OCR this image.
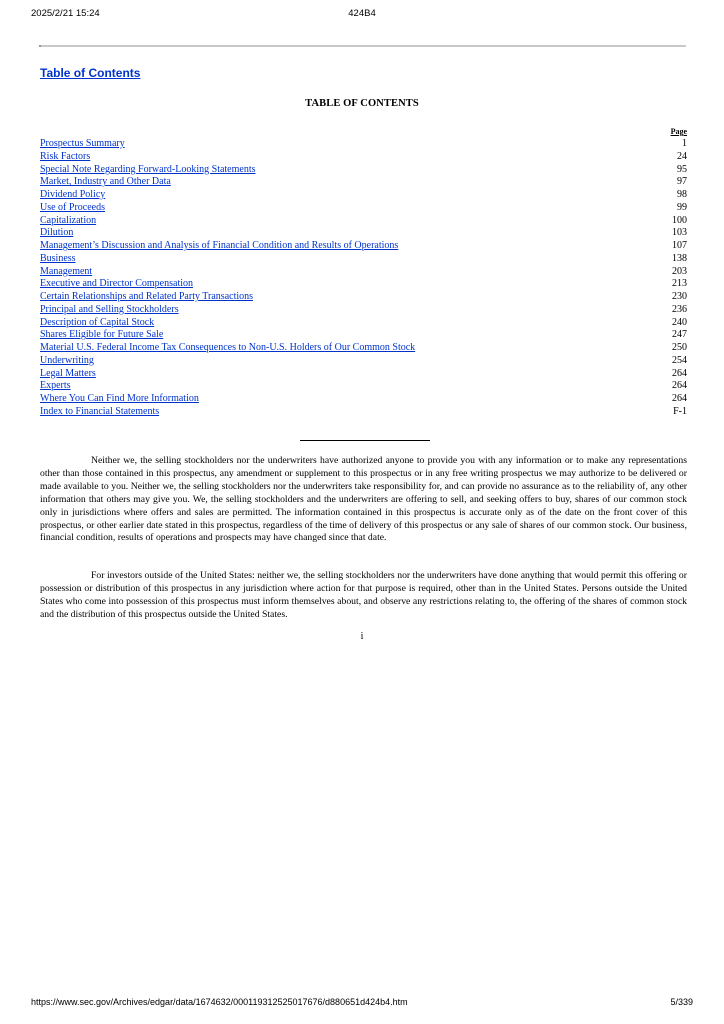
2025/2/21 15:24	424B4
Table of Contents
TABLE OF CONTENTS
Page
Prospectus Summary	1
Risk Factors	24
Special Note Regarding Forward-Looking Statements	95
Market, Industry and Other Data	97
Dividend Policy	98
Use of Proceeds	99
Capitalization	100
Dilution	103
Management’s Discussion and Analysis of Financial Condition and Results of Operations	107
Business	138
Management	203
Executive and Director Compensation	213
Certain Relationships and Related Party Transactions	230
Principal and Selling Stockholders	236
Description of Capital Stock	240
Shares Eligible for Future Sale	247
Material U.S. Federal Income Tax Consequences to Non-U.S. Holders of Our Common Stock	250
Underwriting	254
Legal Matters	264
Experts	264
Where You Can Find More Information	264
Index to Financial Statements	F-1

Neither we, the selling stockholders nor the underwriters have authorized anyone to provide you with any information or to make any representations other than those contained in this prospectus, any amendment or supplement to this prospectus or in any free writing prospectus we may authorize to be delivered or made available to you. Neither we, the selling stockholders nor the underwriters take responsibility for, and can provide no assurance as to the reliability of, any other information that others may give you. We, the selling stockholders and the underwriters are offering to sell, and seeking offers to buy, shares of our common stock only in jurisdictions where offers and sales are permitted. The information contained in this prospectus is accurate only as of the date on the front cover of this prospectus, or other earlier date stated in this prospectus, regardless of the time of delivery of this prospectus or any sale of shares of our common stock. Our business, financial condition, results of operations and prospects may have changed since that date.

For investors outside of the United States: neither we, the selling stockholders nor the underwriters have done anything that would permit this offering or possession or distribution of this prospectus in any jurisdiction where action for that purpose is required, other than in the United States. Persons outside the United States who come into possession of this prospectus must inform themselves about, and observe any restrictions relating to, the offering of the shares of common stock and the distribution of this prospectus outside the United States.

i
https://www.sec.gov/Archives/edgar/data/1674632/000119312525017676/d880651d424b4.htm	5/339
